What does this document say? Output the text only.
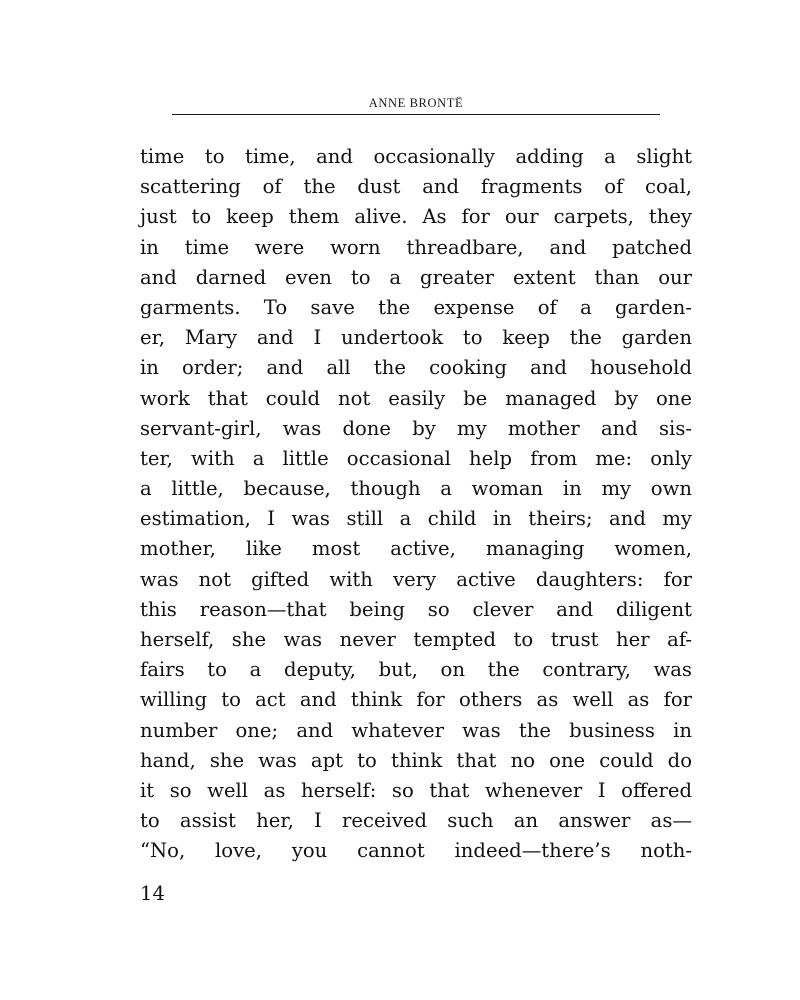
ANNE BRONTË
time to time, and occasionally adding a slight
scattering of the dust and fragments of coal,
just to keep them alive. As for our carpets, they
in time were worn threadbare, and patched
and darned even to a greater extent than our
garments. To save the expense of a garden-
er, Mary and I undertook to keep the garden
in order; and all the cooking and household
work that could not easily be managed by one
servant-girl, was done by my mother and sis-
ter, with a little occasional help from me: only
a little, because, though a woman in my own
estimation, I was still a child in theirs; and my
mother, like most active, managing women,
was not gifted with very active daughters: for
this reason—that being so clever and diligent
herself, she was never tempted to trust her af-
fairs to a deputy, but, on the contrary, was
willing to act and think for others as well as for
number one; and whatever was the business in
hand, she was apt to think that no one could do
it so well as herself: so that whenever I offered
to assist her, I received such an answer as—
“No, love, you cannot indeed—there’s noth-
14
